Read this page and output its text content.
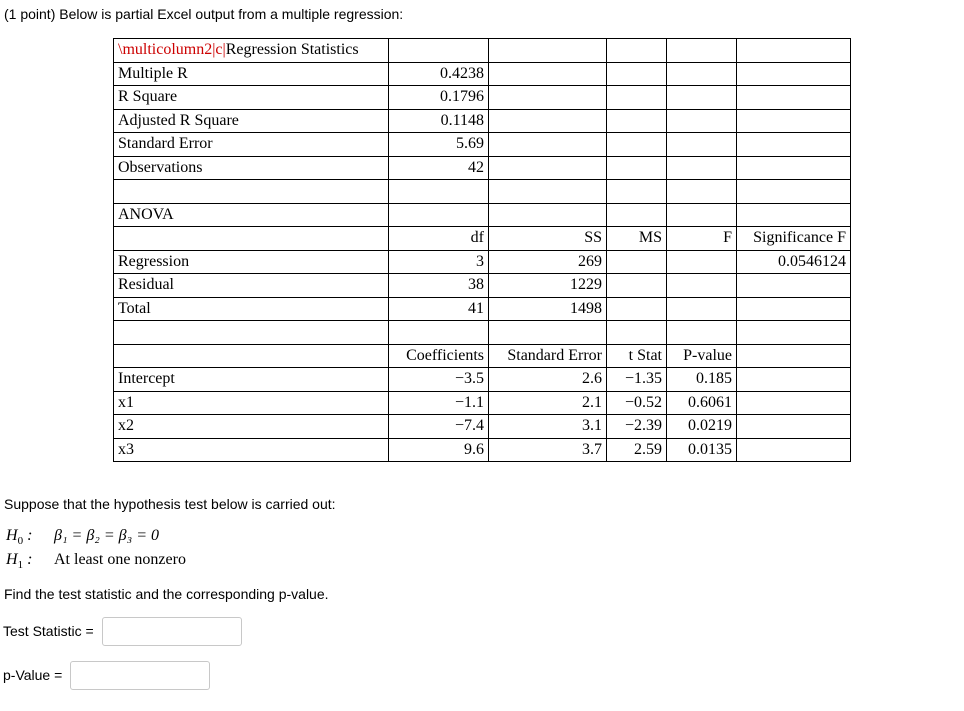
(1 point) Below is partial Excel output from a multiple regression:
\multicolumn2|c|Regression Statistics					
Multiple R	0.4238				
R Square	0.1796				
Adjusted R Square	0.1148				
Standard Error	5.69				
Observations	42				

ANOVA					
	df	SS	MS	F	Significance F
Regression	3	269			0.0546124
Residual	38	1229			
Total	41	1498			

	Coefficients	Standard Error	t Stat	P-value	
Intercept	−3.5	2.6	−1.35	0.185	
x1	−1.1	2.1	−0.52	0.6061	
x2	−7.4	3.1	−2.39	0.0219	
x3	9.6	3.7	2.59	0.0135	
Suppose that the hypothesis test below is carried out:
$H_0$ : β₁ = β₂ = β₃ = 0
$H_1$ : At least one nonzero
Find the test statistic and the corresponding p-value.
Test Statistic =
p-Value =
